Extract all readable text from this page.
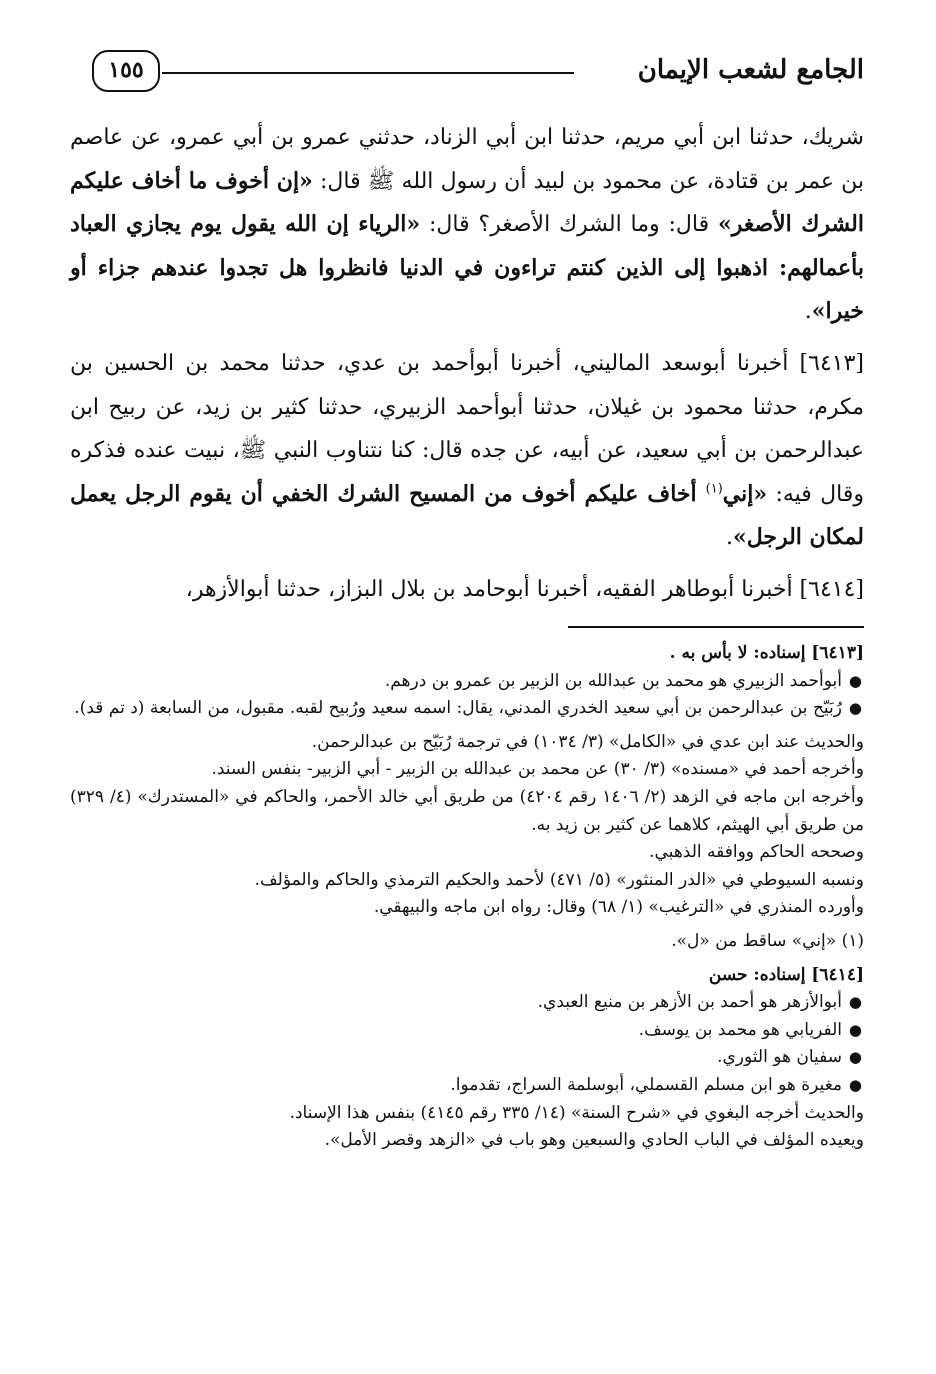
الجامع لشعب الإيمان
١٥٥

شريك، حدثنا ابن أبي مريم، حدثنا ابن أبي الزناد، حدثني عمرو بن أبي عمرو، عن عاصم بن عمر بن قتادة، عن محمود بن لبيد أن رسول الله ﷺ قال: «إن أخوف ما أخاف عليكم الشرك الأصغر» قال: وما الشرك الأصغر؟ قال: «الرياء إن الله يقول يوم يجازي العباد بأعمالهم: اذهبوا إلى الذين كنتم تراءون في الدنيا فانظروا هل تجدوا عندهم جزاء أو خيرا».

[٦٤١٣] أخبرنا أبوسعد الماليني، أخبرنا أبوأحمد بن عدي، حدثنا محمد بن الحسين بن مكرم، حدثنا محمود بن غيلان، حدثنا أبوأحمد الزبيري، حدثنا كثير بن زيد، عن ربيح ابن عبدالرحمن بن أبي سعيد، عن أبيه، عن جده قال: كنا نتناوب النبي ﷺ، نبيت عنده فذكره وقال فيه: «إني$^{(١)}$ أخاف عليكم أخوف من المسيح الشرك الخفي أن يقوم الرجل يعمل لمكان الرجل».

[٦٤١٤] أخبرنا أبوطاهر الفقيه، أخبرنا أبوحامد بن بلال البزاز، حدثنا أبوالأزهر،

[٦٤١٣] إسناده: لا بأس به .

●
أبوأحمد الزبيري هو محمد بن عبدالله بن الزبير بن عمرو بن درهم.
●
رُبَيّح بن عبدالرحمن بن أبي سعيد الخدري المدني، يقال: اسمه سعيد ورُبيح لقبه. مقبول، من السابعة (د تم قد).

والحديث عند ابن عدي في «الكامل» (٣/ ١٠٣٤) في ترجمة رُبَيّح بن عبدالرحمن.

وأخرجه أحمد في «مسنده» (٣/ ٣٠) عن محمد بن عبدالله بن الزبير - أبي الزبير- بنفس السند.

وأخرجه ابن ماجه في الزهد (٢/ ١٤٠٦ رقم ٤٢٠٤) من طريق أبي خالد الأحمر، والحاكم في «المستدرك» (٤/ ٣٢٩) من طريق أبي الهيثم، كلاهما عن كثير بن زيد به.

وصححه الحاكم ووافقه الذهبي.

ونسبه السيوطي في «الدر المنثور» (٥/ ٤٧١) لأحمد والحكيم الترمذي والحاكم والمؤلف.

وأورده المنذري في «الترغيب» (١/ ٦٨) وقال: رواه ابن ماجه والبيهقي.

(١) «إني» ساقط من «ل».

[٦٤١٤] إسناده: حسن

●
أبوالأزهر هو أحمد بن الأزهر بن منيع العبدي.
●
الفريابي هو محمد بن يوسف.
●
سفيان هو الثوري.
●
مغيرة هو ابن مسلم القسملي، أبوسلمة السراج، تقدموا.

والحديث أخرجه البغوي في «شرح السنة» (١٤/ ٣٣٥ رقم ٤١٤٥) بنفس هذا الإسناد.

ويعيده المؤلف في الباب الحادي والسبعين وهو باب في «الزهد وقصر الأمل».
